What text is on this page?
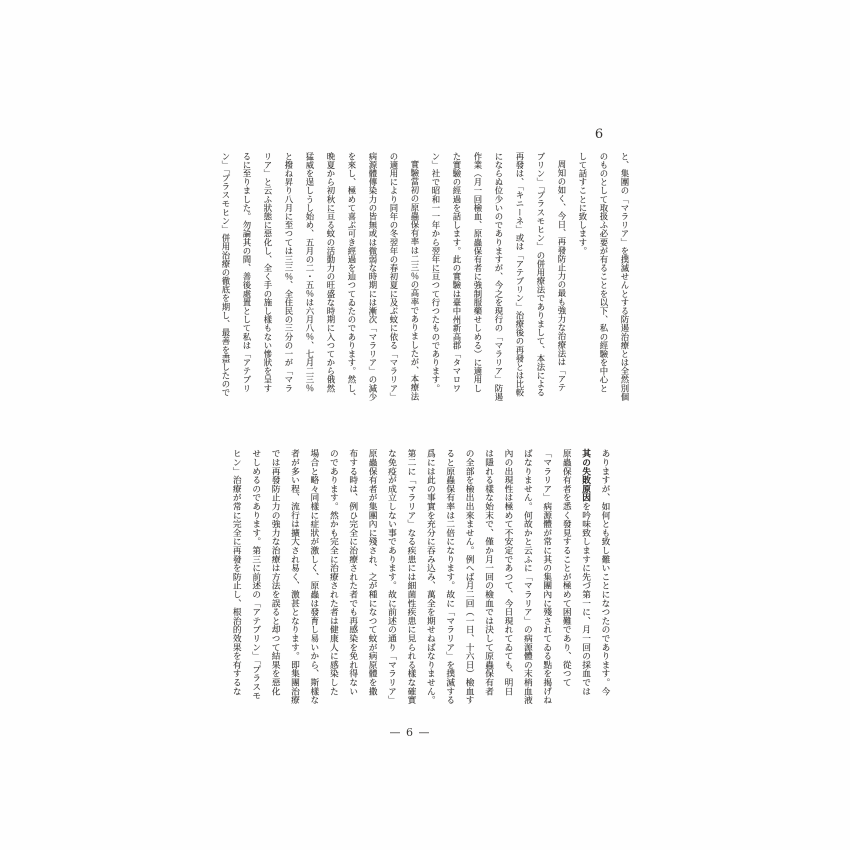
6
と、集團の「マラリア」を撲滅せんとする防遏治療とは全然別個
のものとして取扱ふ必要が有ることを以下、私の經驗を中心と
して話すことに致します。
周知の如く、今日、再發防止力の最も強力な治療法は「アテ
ブリン」「プラスモヒン」の併用療法でありまして、本法による
再發は、「キニーネ」或は「アテブリン」治療後の再發とは比較
にならぬ位少いのでありますが、今之を現行の「マラリア」防遏
作業（月一回檢血、原蟲保有者に強制服藥せしめる）に適用し
た實驗の經過を話します。此の實驗は臺中州新高郡「タマロワ
ン」社で昭和一一年から翌年に亘つて行つたものであります。
實驗當初の原蟲保有率は二三％の高率でありましたが、本療法
の適用により同年の冬翌年の春初夏に及ぶ蚊に依る「マラリア」
病源體傳染力の皆無或は微弱な時期には漸次「マラリア」の減少
を來し、極めて喜ぶ可き經過を辿つてゐたのであります。然し、
晩夏から初秋に亘る蚊の活動力の旺盛な時期に入つてから俄然
猛威を逞しうし始め、五月の二・五％は六月八％、七月二三％
と撥ね昇り八月に至つては三三％、全住民の三分の一が「マラ
リア」と云ふ狀態に惡化し、全く手の施し樣もない慘狀を呈す
るに至りました。勿論其の間、善後處置として私は「アテブリ
ン」「プラスモヒン」併用治療の徹底を期し、最善を盡したので
ありますが、如何とも致し難いことになつたのであります。今
其の失敗原因を吟味致しますに先づ第一に、月一回の採血では
原蟲保有者を悉く發見することが極めて困難であり、從つて
「マラリア」病源體が常に其の集團內に殘されてゐる點を揭げね
ばなりません。何故かと云ふに「マラリア」の病源體の末梢血液
內の出現性は極めて不安定であつて、今日現れてゐても、明日
は隱れる樣な始末で、僅か月一回の檢血では決して原蟲保有者
の全部を檢出出來ません。例へば月二回（一日、十六日）檢血す
ると原蟲保有率は二倍になります。故に「マラリア」を撲滅する
爲には此の事實を充分に吞み込み、萬全を期せねばなりません。
第二に「マラリア」なる疾患には細菌性疾患に見られる樣な確實
な免疫が成立しない事であります。故に前述の通り「マラリア」
原蟲保有者が集團內に殘され、之が種になつて蚊が病原體を撒
布する時は、例ひ完全に治療された者でも再感染を免れ得ない
のであります。然かも完全に治療された者は健康人に感染した
場合と略々同樣に症狀が激しく、原蟲は發育し易いから、斯樣な
者が多い程、流行は擴大され易く、激甚となります。即集團治療
では再發防止力の強力な治療は方法を誤ると却つて結果を惡化
せしめるのであります。第三に前述の「アテブリン」「プラスモ
ヒン」治療が常に完全に再發を防止し、根治的效果を有するな
— 6 —
